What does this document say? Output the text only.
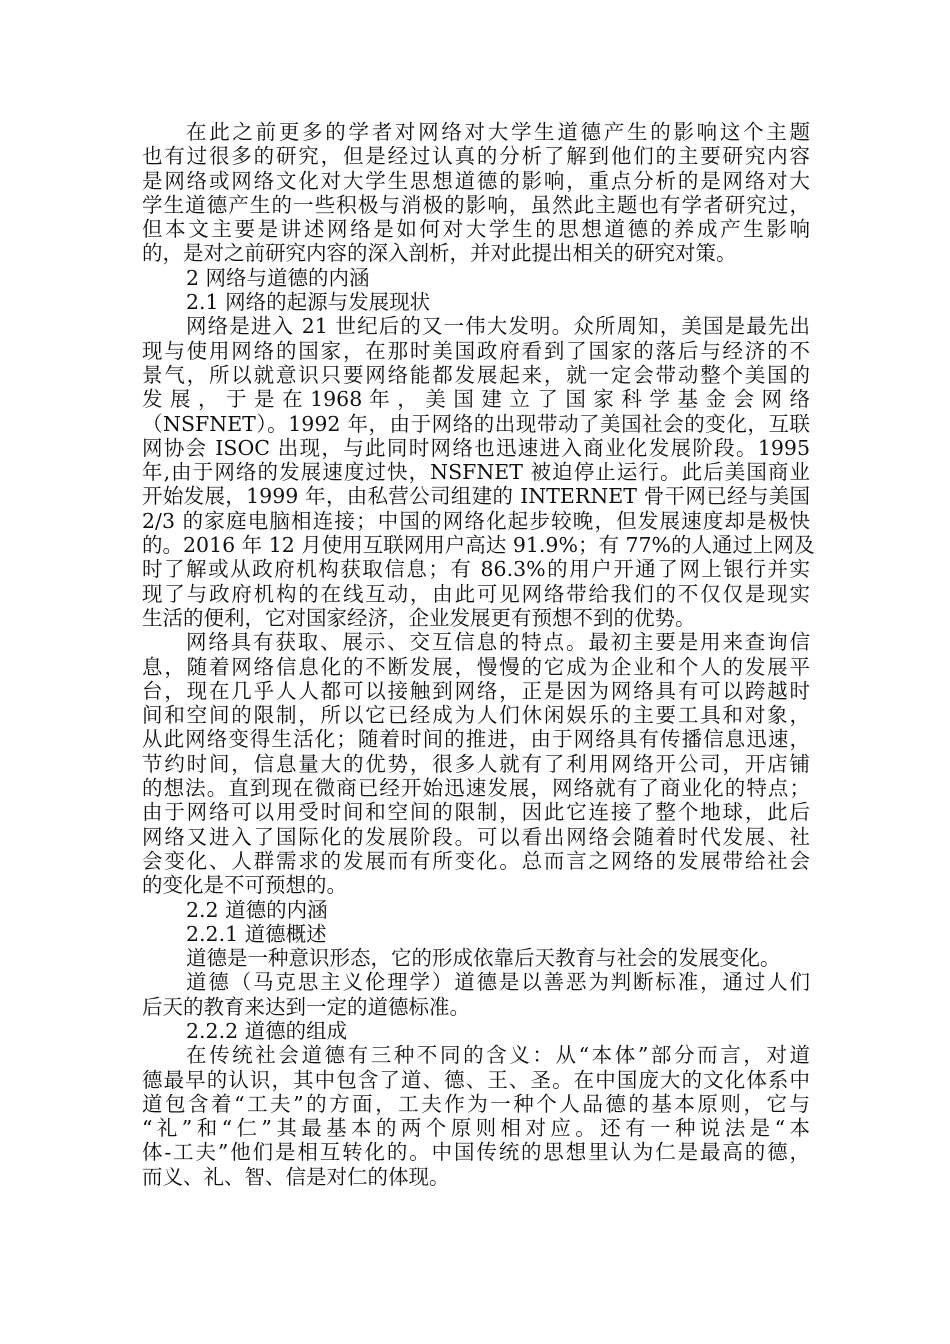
在此之前更多的学者对网络对大学生道德产生的影响这个主题
也有过很多的研究，但是经过认真的分析了解到他们的主要研究内容
是网络或网络文化对大学生思想道德的影响，重点分析的是网络对大
学生道德产生的一些积极与消极的影响，虽然此主题也有学者研究过，
但本文主要是讲述网络是如何对大学生的思想道德的养成产生影响
的，是对之前研究内容的深入剖析，并对此提出相关的研究对策。
2 网络与道德的内涵
2.1 网络的起源与发展现状
网络是进入 21 世纪后的又一伟大发明。众所周知，美国是最先出
现与使用网络的国家，在那时美国政府看到了国家的落后与经济的不
景气，所以就意识只要网络能都发展起来，就一定会带动整个美国的
发 展 ， 于 是 在 1968 年 ， 美 国 建 立 了 国 家 科 学 基 金 会 网 络
（NSFNET）。1992 年，由于网络的出现带动了美国社会的变化，互联
网协会 ISOC 出现，与此同时网络也迅速进入商业化发展阶段。1995
年,由于网络的发展速度过快，NSFNET 被迫停止运行。此后美国商业
开始发展，1999 年，由私营公司组建的 INTERNET 骨干网已经与美国
2/3 的家庭电脑相连接；中国的网络化起步较晚，但发展速度却是极快
的。2016 年 12 月使用互联网用户高达 91.9%；有 77%的人通过上网及
时了解或从政府机构获取信息；有 86.3%的用户开通了网上银行并实
现了与政府机构的在线互动，由此可见网络带给我们的不仅仅是现实
生活的便利，它对国家经济，企业发展更有预想不到的优势。
网络具有获取、展示、交互信息的特点。最初主要是用来查询信
息，随着网络信息化的不断发展，慢慢的它成为企业和个人的发展平
台，现在几乎人人都可以接触到网络，正是因为网络具有可以跨越时
间和空间的限制，所以它已经成为人们休闲娱乐的主要工具和对象，
从此网络变得生活化；随着时间的推进，由于网络具有传播信息迅速，
节约时间，信息量大的优势，很多人就有了利用网络开公司，开店铺
的想法。直到现在微商已经开始迅速发展，网络就有了商业化的特点；
由于网络可以用受时间和空间的限制，因此它连接了整个地球，此后
网络又进入了国际化的发展阶段。可以看出网络会随着时代发展、社
会变化、人群需求的发展而有所变化。总而言之网络的发展带给社会
的变化是不可预想的。
2.2 道德的内涵
2.2.1 道德概述
道德是一种意识形态，它的形成依靠后天教育与社会的发展变化。
道德（马克思主义伦理学）道德是以善恶为判断标准，通过人们
后天的教育来达到一定的道德标准。
2.2.2 道德的组成
在传统社会道德有三种不同的含义：从“本体”部分而言，对道
德最早的认识，其中包含了道、德、王、圣。在中国庞大的文化体系中
道包含着“工夫”的方面，工夫作为一种个人品德的基本原则，它与
“礼”和“仁”其最基本的两个原则相对应。还有一种说法是“本
体-工夫”他们是相互转化的。中国传统的思想里认为仁是最高的德，
而义、礼、智、信是对仁的体现。
